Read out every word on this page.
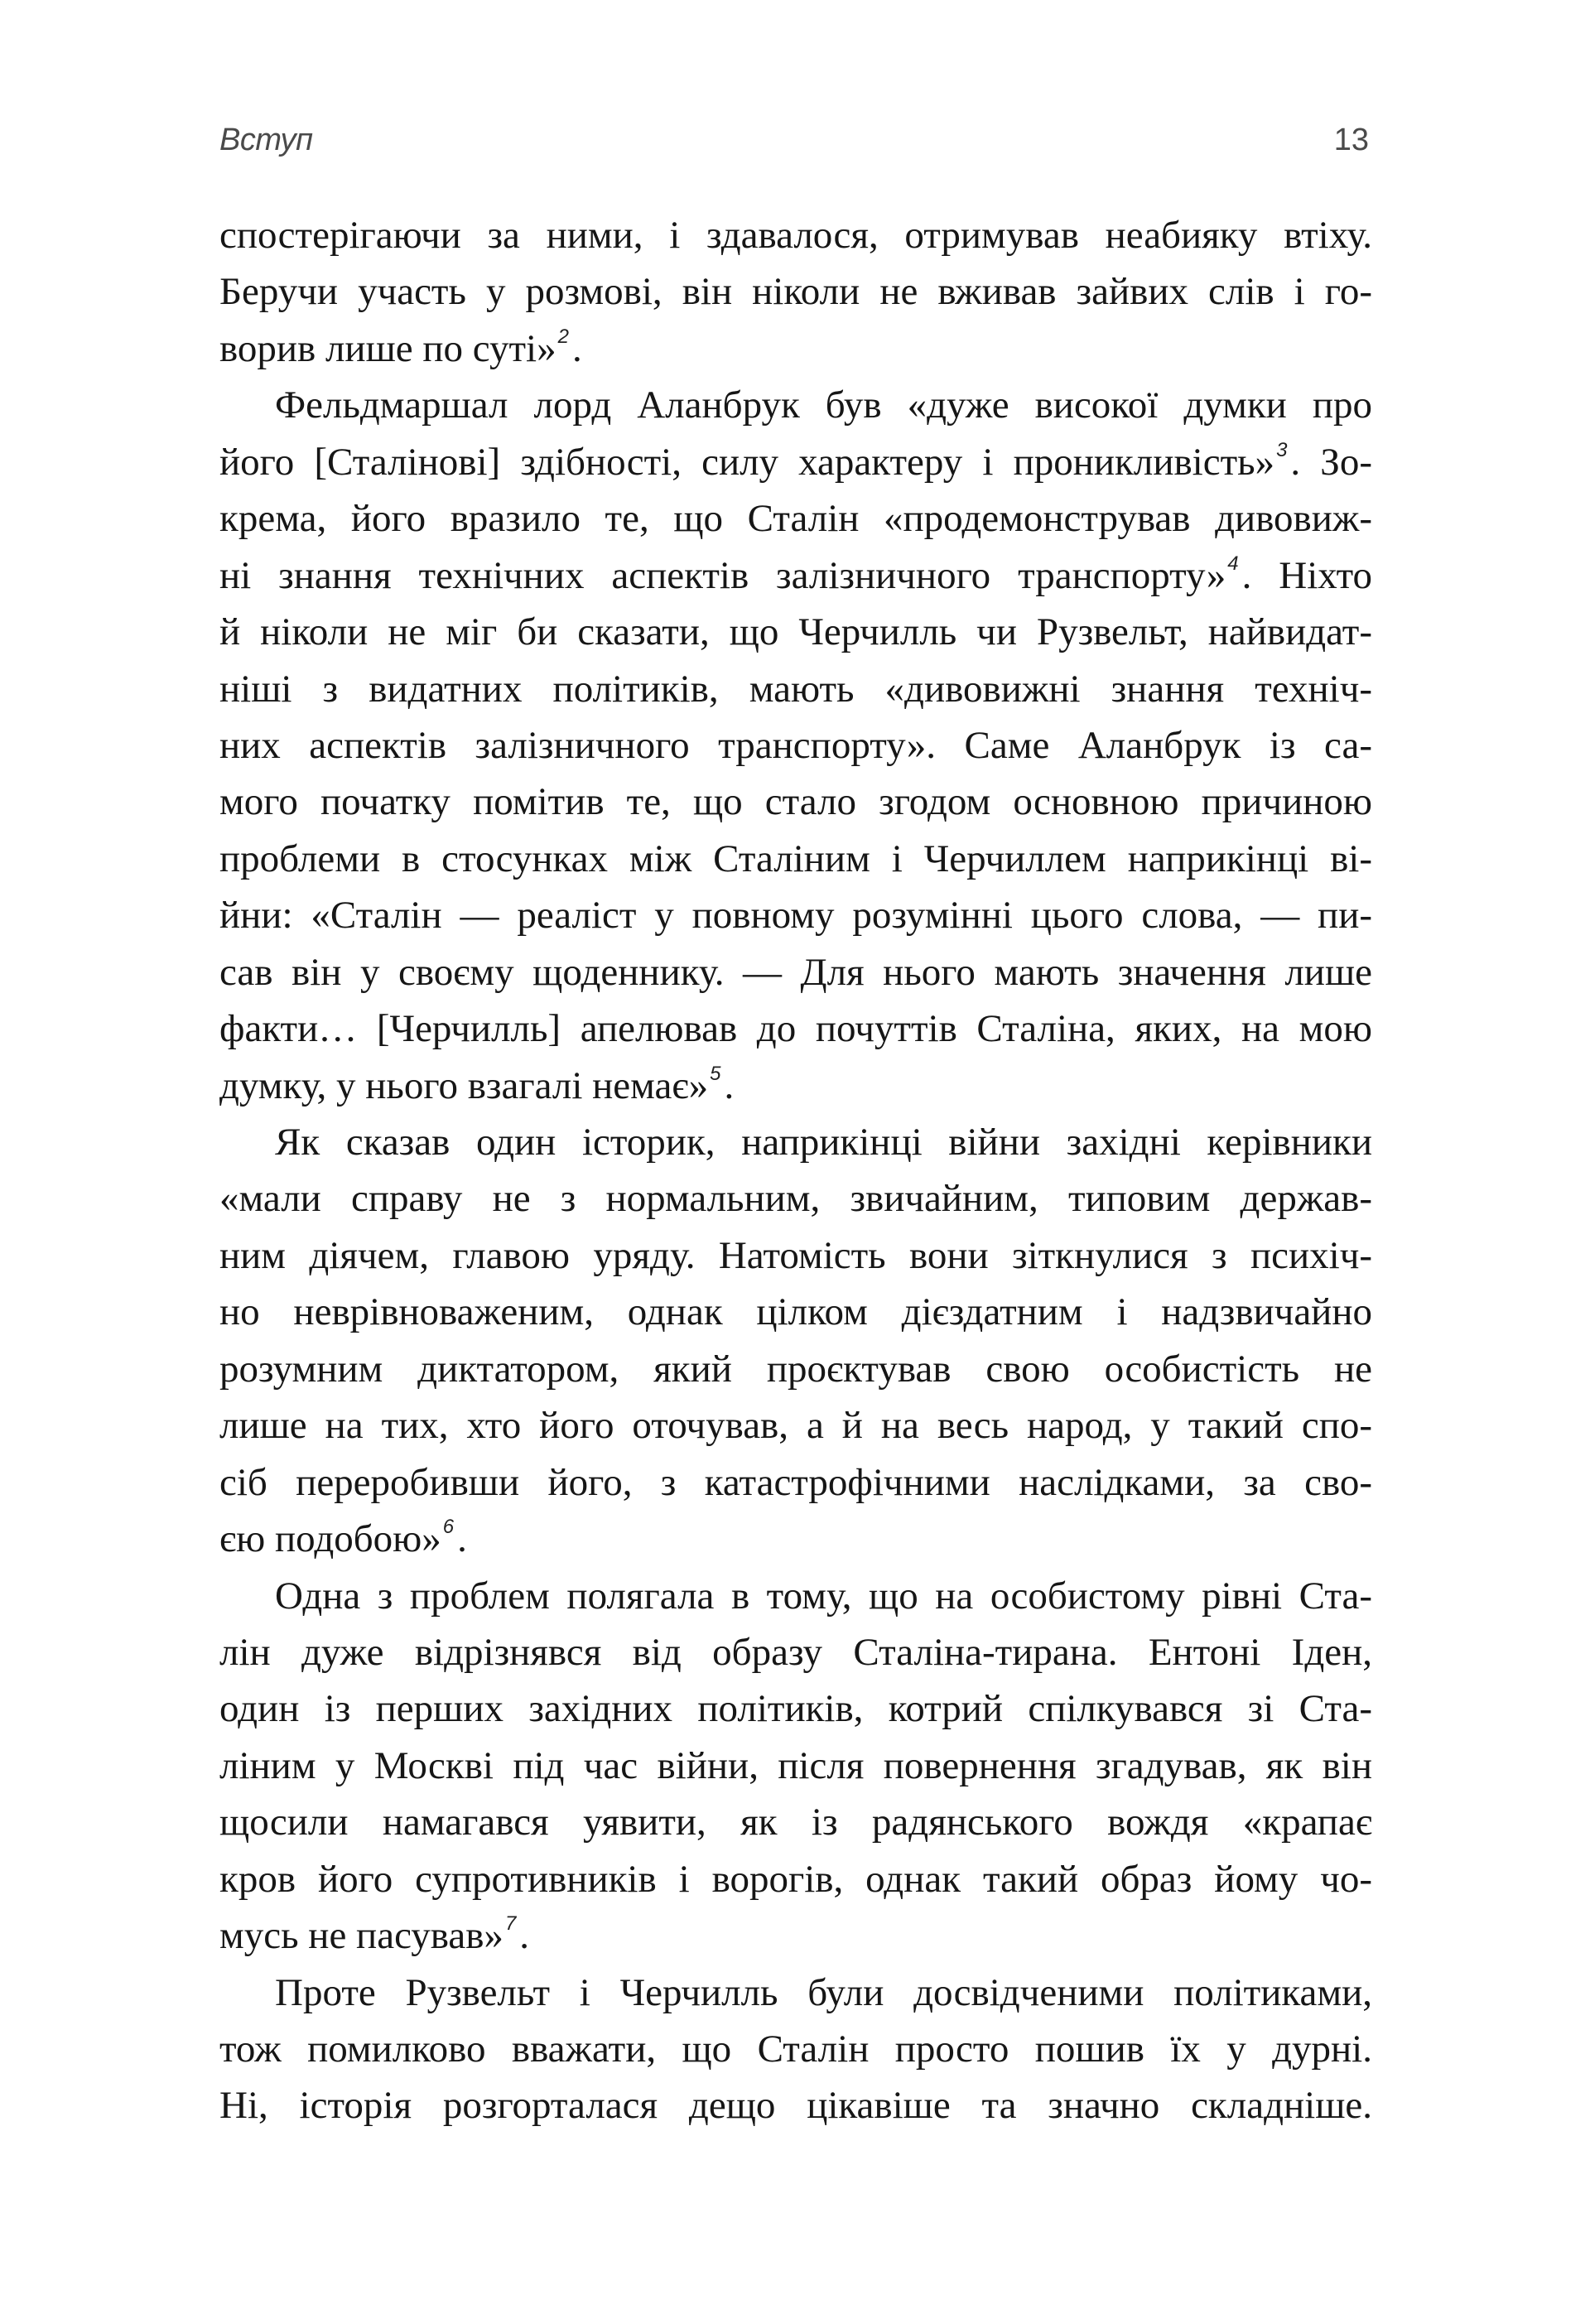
Вступ	13
спостерігаючи за ними, і здавалося, отримував неабияку втіху.
Беручи участь у розмові, він ніколи не вживав зайвих слів і го-
ворив лише по суті»$^2$.
Фельдмаршал лорд Аланбрук був «дуже високої думки про
його [Сталінові] здібності, силу характеру і проникливість»$^3$. Зо-
крема, його вразило те, що Сталін «продемонстрував дивовиж-
ні знання технічних аспектів залізничного транспорту»$^4$. Ніхто
й ніколи не міг би сказати, що Черчилль чи Рузвельт, найвидат-
ніші з видатних політиків, мають «дивовижні знання техніч-
них аспектів залізничного транспорту». Саме Аланбрук із са-
мого початку помітив те, що стало згодом основною причиною
проблеми в стосунках між Сталіним і Черчиллем наприкінці ві-
йни: «Сталін — реаліст у повному розумінні цього слова, — пи-
сав він у своєму щоденнику. — Для нього мають значення лише
факти… [Черчилль] апелював до почуттів Сталіна, яких, на мою
думку, у нього взагалі немає»$^5$.
Як сказав один історик, наприкінці війни західні керівники
«мали справу не з нормальним, звичайним, типовим держав-
ним діячем, главою уряду. Натомість вони зіткнулися з психіч-
но неврівноваженим, однак цілком дієздатним і надзвичайно
розумним диктатором, який проєктував свою особистість не
лише на тих, хто його оточував, а й на весь народ, у такий спо-
сіб переробивши його, з катастрофічними наслідками, за сво-
єю подобою»$^6$.
Одна з проблем полягала в тому, що на особистому рівні Ста-
лін дуже відрізнявся від образу Сталіна-тирана. Ентоні Іден,
один із перших західних політиків, котрий спілкувався зі Ста-
ліним у Москві під час війни, після повернення згадував, як він
щосили намагався уявити, як із радянського вождя «крапає
кров його супротивників і ворогів, однак такий образ йому чо-
мусь не пасував»$^7$.
Проте Рузвельт і Черчилль були досвідченими політиками,
тож помилково вважати, що Сталін просто пошив їх у дурні.
Ні, історія розгорталася дещо цікавіше та значно складніше.
